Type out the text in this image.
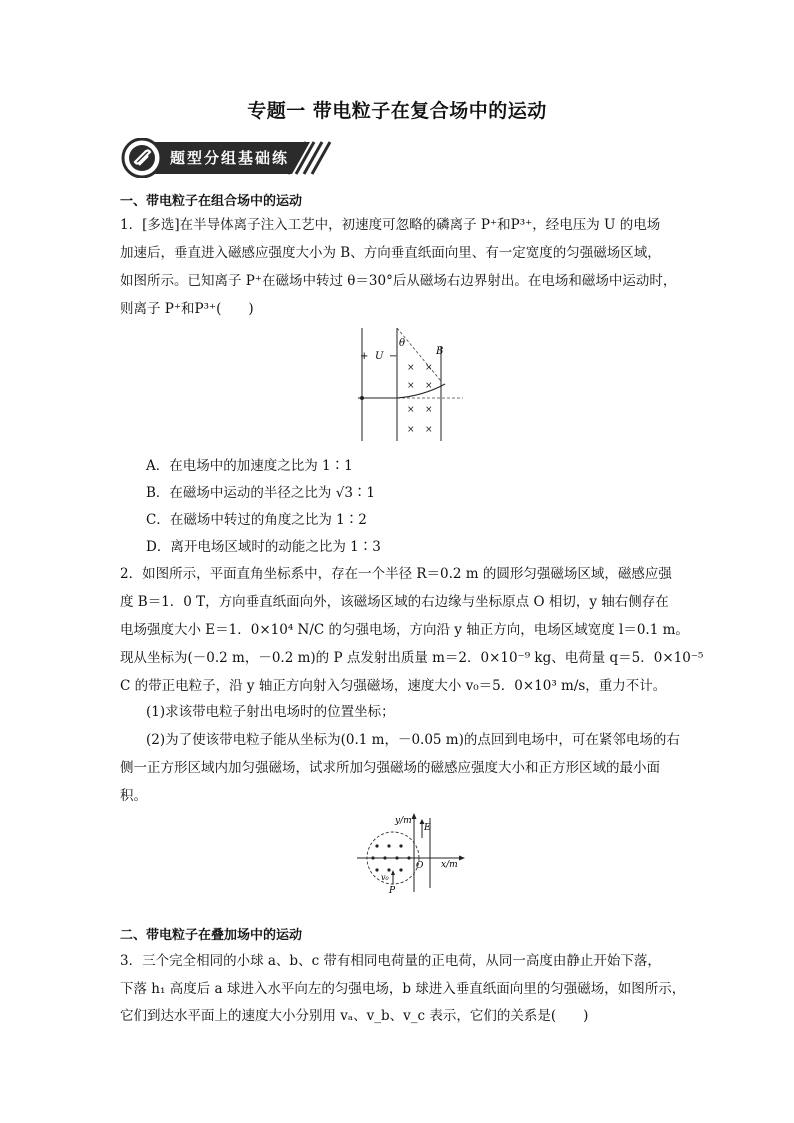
专题一 带电粒子在复合场中的运动
题型分组基础练
一、带电粒子在组合场中的运动
1．[多选]在半导体离子注入工艺中，初速度可忽略的磷离子 P⁺和P³⁺，经电压为 U 的电场
加速后，垂直进入磁感应强度大小为 B、方向垂直纸面向里、有一定宽度的匀强磁场区域，
如图所示。已知离子 P⁺在磁场中转过 θ＝30°后从磁场右边界射出。在电场和磁场中运动时，
则离子 P⁺和P³⁺(　　)
+ U −
θ
B
× ×
× ×
× ×
× ×
A．在电场中的加速度之比为 1∶1
B．在磁场中运动的半径之比为 √3∶1
C．在磁场中转过的角度之比为 1∶2
D．离开电场区域时的动能之比为 1∶3
2．如图所示，平面直角坐标系中，存在一个半径 R＝0.2 m 的圆形匀强磁场区域，磁感应强
度 B＝1．0 T，方向垂直纸面向外，该磁场区域的右边缘与坐标原点 O 相切，y 轴右侧存在
电场强度大小 E＝1．0×10⁴ N/C 的匀强电场，方向沿 y 轴正方向，电场区域宽度 l＝0.1 m。
现从坐标为(－0.2 m，－0.2 m)的 P 点发射出质量 m＝2．0×10⁻⁹ kg、电荷量 q＝5．0×10⁻⁵
C 的带正电粒子，沿 y 轴正方向射入匀强磁场，速度大小 v₀＝5．0×10³ m/s，重力不计。
(1)求该带电粒子射出电场时的位置坐标；
(2)为了使该带电粒子能从坐标为(0.1 m，－0.05 m)的点回到电场中，可在紧邻电场的右
侧一正方形区域内加匀强磁场，试求所加匀强磁场的磁感应强度大小和正方形区域的最小面
积。
y/m
E
x/m
O
v₀
P
二、带电粒子在叠加场中的运动
3．三个完全相同的小球 a、b、c 带有相同电荷量的正电荷，从同一高度由静止开始下落，
下落 h₁ 高度后 a 球进入水平向左的匀强电场，b 球进入垂直纸面向里的匀强磁场，如图所示，
它们到达水平面上的速度大小分别用 vₐ、v_b、v_c 表示，它们的关系是(　　)
